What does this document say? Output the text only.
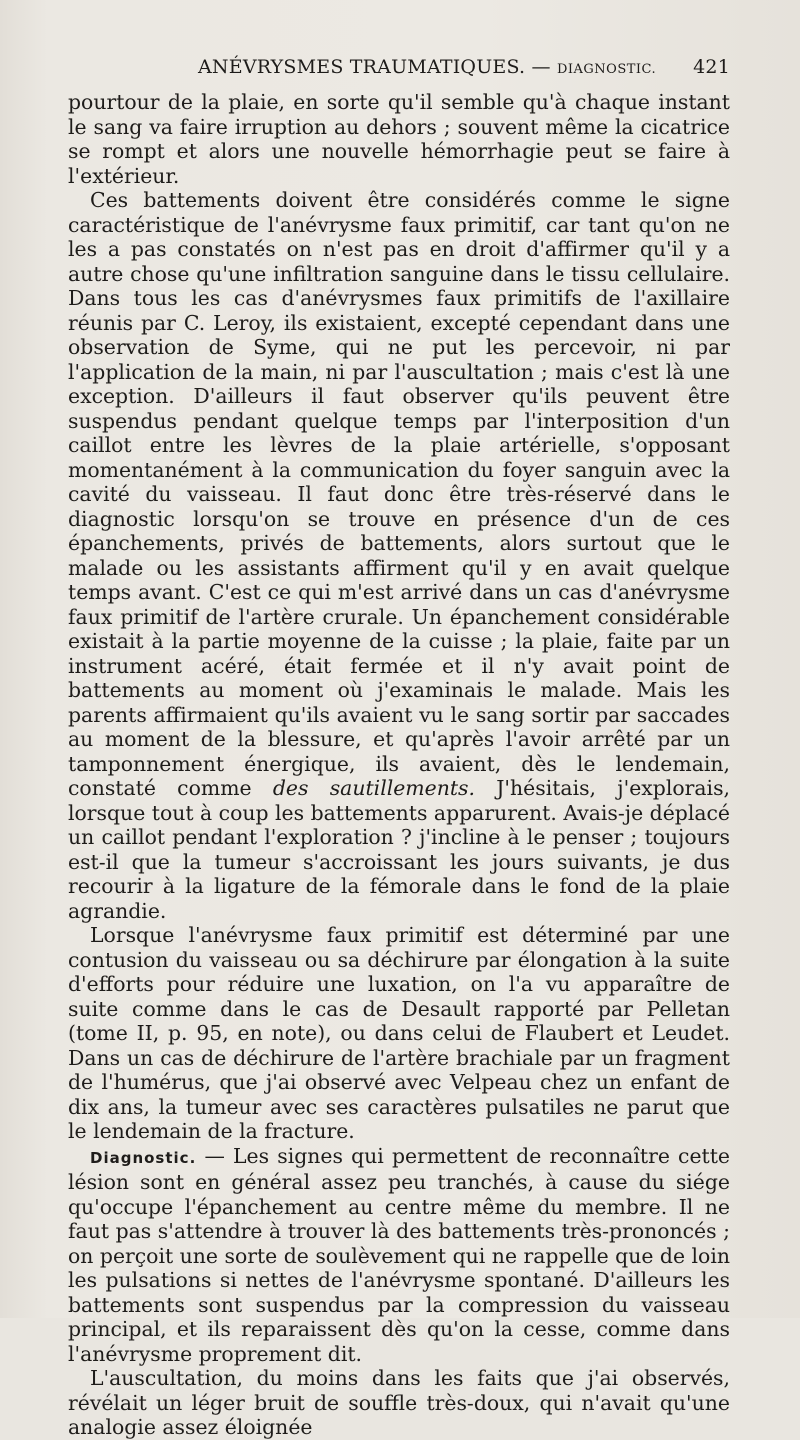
ANÉVRYSMES TRAUMATIQUES. — DIAGNOSTIC. 421

pourtour de la plaie, en sorte qu'il semble qu'à chaque instant le sang va faire irruption au dehors ; souvent même la cicatrice se rompt et alors une nouvelle hémorrhagie peut se faire à l'extérieur.

Ces battements doivent être considérés comme le signe caractéristique de l'anévrysme faux primitif, car tant qu'on ne les a pas constatés on n'est pas en droit d'affirmer qu'il y a autre chose qu'une infiltration sanguine dans le tissu cellulaire. Dans tous les cas d'anévrysmes faux primitifs de l'axillaire réunis par C. Leroy, ils existaient, excepté cependant dans une observation de Syme, qui ne put les percevoir, ni par l'application de la main, ni par l'auscultation ; mais c'est là une exception. D'ailleurs il faut observer qu'ils peuvent être suspendus pendant quelque temps par l'interposition d'un caillot entre les lèvres de la plaie artérielle, s'opposant momentanément à la communication du foyer sanguin avec la cavité du vaisseau. Il faut donc être très-réservé dans le diagnostic lorsqu'on se trouve en présence d'un de ces épanchements, privés de battements, alors surtout que le malade ou les assistants affirment qu'il y en avait quelque temps avant. C'est ce qui m'est arrivé dans un cas d'anévrysme faux primitif de l'artère crurale. Un épanchement considérable existait à la partie moyenne de la cuisse ; la plaie, faite par un instrument acéré, était fermée et il n'y avait point de battements au moment où j'examinais le malade. Mais les parents affirmaient qu'ils avaient vu le sang sortir par saccades au moment de la blessure, et qu'après l'avoir arrêté par un tamponnement énergique, ils avaient, dès le lendemain, constaté comme des sautillements. J'hésitais, j'explorais, lorsque tout à coup les battements apparurent. Avais-je déplacé un caillot pendant l'exploration ? j'incline à le penser ; toujours est-il que la tumeur s'accroissant les jours suivants, je dus recourir à la ligature de la fémorale dans le fond de la plaie agrandie.

Lorsque l'anévrysme faux primitif est déterminé par une contusion du vaisseau ou sa déchirure par élongation à la suite d'efforts pour réduire une luxation, on l'a vu apparaître de suite comme dans le cas de Desault rapporté par Pelletan (tome II, p. 95, en note), ou dans celui de Flaubert et Leudet. Dans un cas de déchirure de l'artère brachiale par un fragment de l'humérus, que j'ai observé avec Velpeau chez un enfant de dix ans, la tumeur avec ses caractères pulsatiles ne parut que le lendemain de la fracture.

Diagnostic. — Les signes qui permettent de reconnaître cette lésion sont en général assez peu tranchés, à cause du siége qu'occupe l'épanchement au centre même du membre. Il ne faut pas s'attendre à trouver là des battements très-prononcés ; on perçoit une sorte de soulèvement qui ne rappelle que de loin les pulsations si nettes de l'anévrysme spontané. D'ailleurs les battements sont suspendus par la compression du vaisseau principal, et ils reparaissent dès qu'on la cesse, comme dans l'anévrysme proprement dit.

L'auscultation, du moins dans les faits que j'ai observés, révélait un léger bruit de souffle très-doux, qui n'avait qu'une analogie assez éloignée
